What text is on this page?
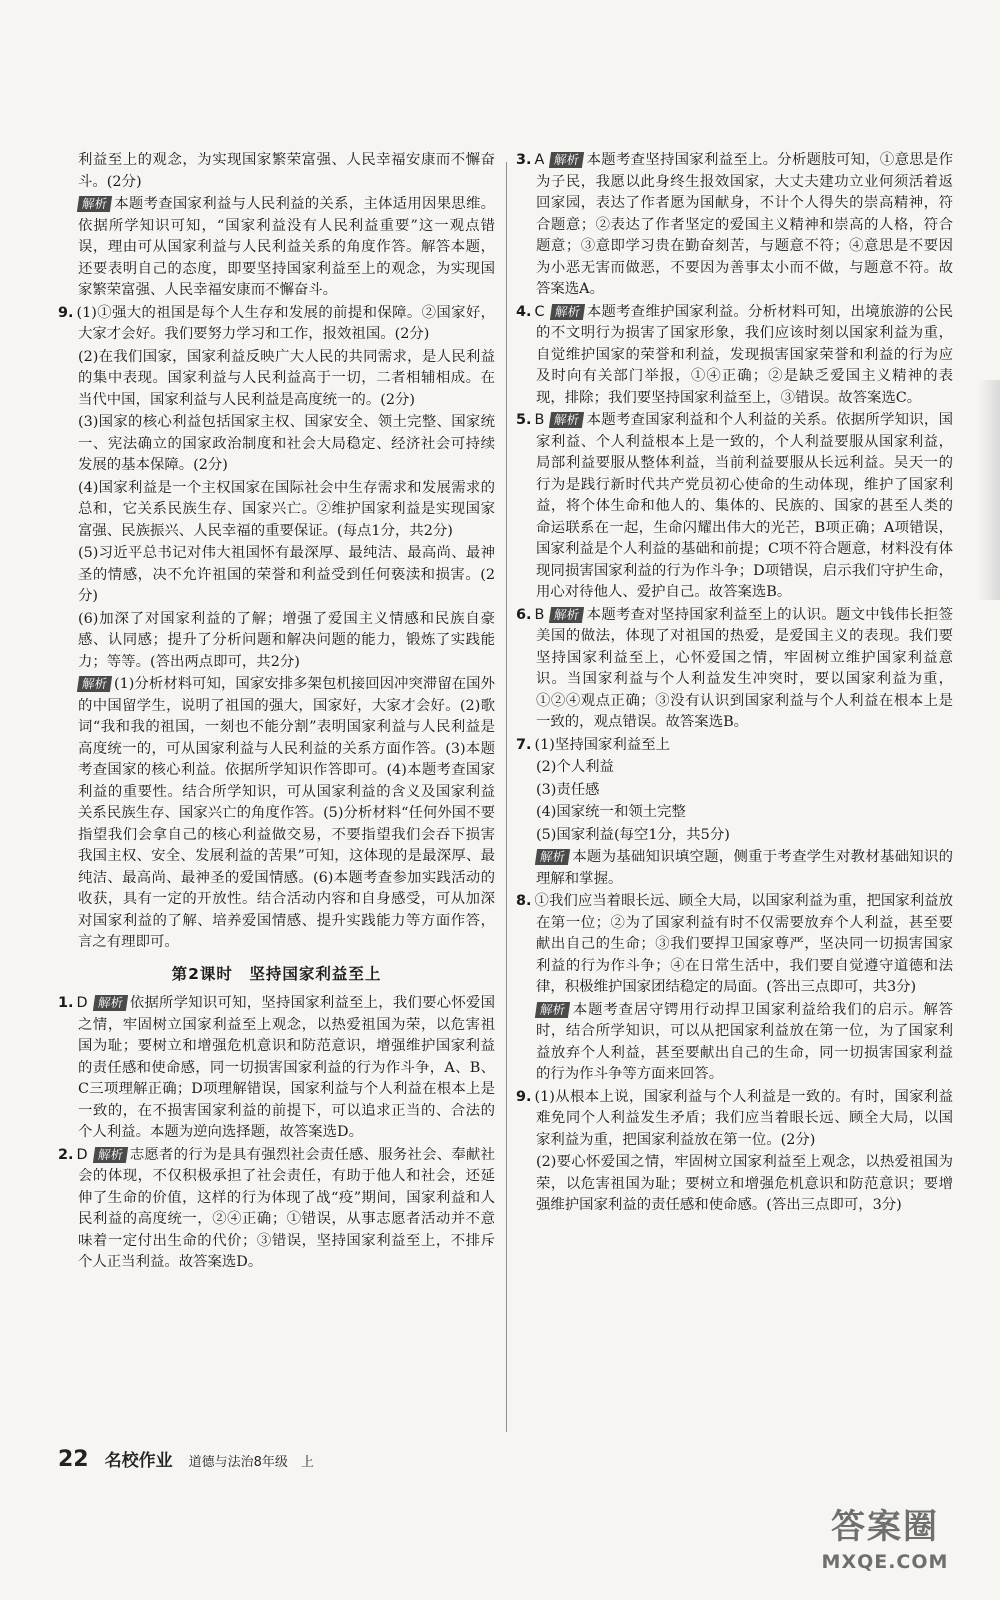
利益至上的观念，为实现国家繁荣富强、人民幸福安康而不懈奋斗。(2分)

解析 本题考查国家利益与人民利益的关系，主体适用因果思维。依据所学知识可知，“国家利益没有人民利益重要”这一观点错误，理由可从国家利益与人民利益关系的角度作答。解答本题，还要表明自己的态度，即要坚持国家利益至上的观念，为实现国家繁荣富强、人民幸福安康而不懈奋斗。
9. (1)①强大的祖国是每个人生存和发展的前提和保障。②国家好，大家才会好。我们要努力学习和工作，报效祖国。(2分)
(2)在我们国家，国家利益反映广大人民的共同需求，是人民利益的集中表现。国家利益与人民利益高于一切，二者相辅相成。在当代中国，国家利益与人民利益是高度统一的。(2分)
(3)国家的核心利益包括国家主权、国家安全、领土完整、国家统一、宪法确立的国家政治制度和社会大局稳定、经济社会可持续发展的基本保障。(2分)
(4)国家利益是一个主权国家在国际社会中生存需求和发展需求的总和，它关系民族生存、国家兴亡。②维护国家利益是实现国家富强、民族振兴、人民幸福的重要保证。(每点1分，共2分)
(5)习近平总书记对伟大祖国怀有最深厚、最纯洁、最高尚、最神圣的情感，决不允许祖国的荣誉和利益受到任何亵渎和损害。(2分)
(6)加深了对国家利益的了解；增强了爱国主义情感和民族自豪感、认同感；提升了分析问题和解决问题的能力，锻炼了实践能力；等等。(答出两点即可，共2分)
解析 (1)分析材料可知，国家安排多架包机接回因冲突滞留在国外的中国留学生，说明了祖国的强大，国家好，大家才会好。(2)歌词“我和我的祖国，一刻也不能分割”表明国家利益与人民利益是高度统一的，可从国家利益与人民利益的关系方面作答。(3)本题考查国家的核心利益。依据所学知识作答即可。(4)本题考查国家利益的重要性。结合所学知识，可从国家利益的含义及国家利益关系民族生存、国家兴亡的角度作答。(5)分析材料“任何外国不要指望我们会拿自己的核心利益做交易，不要指望我们会吞下损害我国主权、安全、发展利益的苦果”可知，这体现的是最深厚、最纯洁、最高尚、最神圣的爱国情感。(6)本题考查参加实践活动的收获，具有一定的开放性。结合活动内容和自身感受，可从加深对国家利益的了解、培养爱国情感、提升实践能力等方面作答，言之有理即可。
第2课时　坚持国家利益至上
1. D 解析 依据所学知识可知，坚持国家利益至上，我们要心怀爱国之情，牢固树立国家利益至上观念，以热爱祖国为荣，以危害祖国为耻；要树立和增强危机意识和防范意识，增强维护国家利益的责任感和使命感，同一切损害国家利益的行为作斗争，A、B、C三项理解正确；D项理解错误，国家利益与个人利益在根本上是一致的，在不损害国家利益的前提下，可以追求正当的、合法的个人利益。本题为逆向选择题，故答案选D。
2. D 解析 志愿者的行为是具有强烈社会责任感、服务社会、奉献社会的体现，不仅积极承担了社会责任，有助于他人和社会，还延伸了生命的价值，这样的行为体现了战“疫”期间，国家利益和人民利益的高度统一，②④正确；①错误，从事志愿者活动并不意味着一定付出生命的代价；③错误，坚持国家利益至上，不排斥个人正当利益。故答案选D。
3. A 解析 本题考查坚持国家利益至上。分析题肢可知，①意思是作为子民，我愿以此身终生报效国家，大丈夫建功立业何须活着返回家园，表达了作者愿为国献身，不计个人得失的崇高精神，符合题意；②表达了作者坚定的爱国主义精神和崇高的人格，符合题意；③意即学习贵在勤奋刻苦，与题意不符；④意思是不要因为小恶无害而做恶，不要因为善事太小而不做，与题意不符。故答案选A。
4. C 解析 本题考查维护国家利益。分析材料可知，出境旅游的公民的不文明行为损害了国家形象，我们应该时刻以国家利益为重，自觉维护国家的荣誉和利益，发现损害国家荣誉和利益的行为应及时向有关部门举报，①④正确；②是缺乏爱国主义精神的表现，排除；我们要坚持国家利益至上，③错误。故答案选C。
5. B 解析 本题考查国家利益和个人利益的关系。依据所学知识，国家利益、个人利益根本上是一致的，个人利益要服从国家利益，局部利益要服从整体利益，当前利益要服从长远利益。吴天一的行为是践行新时代共产党员初心使命的生动体现，维护了国家利益，将个体生命和他人的、集体的、民族的、国家的甚至人类的命运联系在一起，生命闪耀出伟大的光芒，B项正确；A项错误，国家利益是个人利益的基础和前提；C项不符合题意，材料没有体现同损害国家利益的行为作斗争；D项错误，启示我们守护生命，用心对待他人、爱护自己。故答案选B。
6. B 解析 本题考查对坚持国家利益至上的认识。题文中钱伟长拒签美国的做法，体现了对祖国的热爱，是爱国主义的表现。我们要坚持国家利益至上，心怀爱国之情，牢固树立维护国家利益意识。当国家利益与个人利益发生冲突时，要以国家利益为重，①②④观点正确；③没有认识到国家利益与个人利益在根本上是一致的，观点错误。故答案选B。
7. (1)坚持国家利益至上
(2)个人利益
(3)责任感
(4)国家统一和领土完整
(5)国家利益(每空1分，共5分)
解析 本题为基础知识填空题，侧重于考查学生对教材基础知识的理解和掌握。
8. ①我们应当着眼长远、顾全大局，以国家利益为重，把国家利益放在第一位；②为了国家利益有时不仅需要放弃个人利益，甚至要献出自己的生命；③我们要捍卫国家尊严，坚决同一切损害国家利益的行为作斗争；④在日常生活中，我们要自觉遵守道德和法律，积极维护国家团结稳定的局面。(答出三点即可，共3分)
解析 本题考查居守锷用行动捍卫国家利益给我们的启示。解答时，结合所学知识，可以从把国家利益放在第一位，为了国家利益放弃个人利益，甚至要献出自己的生命，同一切损害国家利益的行为作斗争等方面来回答。
9. (1)从根本上说，国家利益与个人利益是一致的。有时，国家利益难免同个人利益发生矛盾；我们应当着眼长远、顾全大局，以国家利益为重，把国家利益放在第一位。(2分)
(2)要心怀爱国之情，牢固树立国家利益至上观念，以热爱祖国为荣，以危害祖国为耻；要树立和增强危机意识和防范意识；要增强维护国家利益的责任感和使命感。(答出三点即可，3分)
22 名校作业 道德与法治8年级　上
答案圈
MXQE.COM
